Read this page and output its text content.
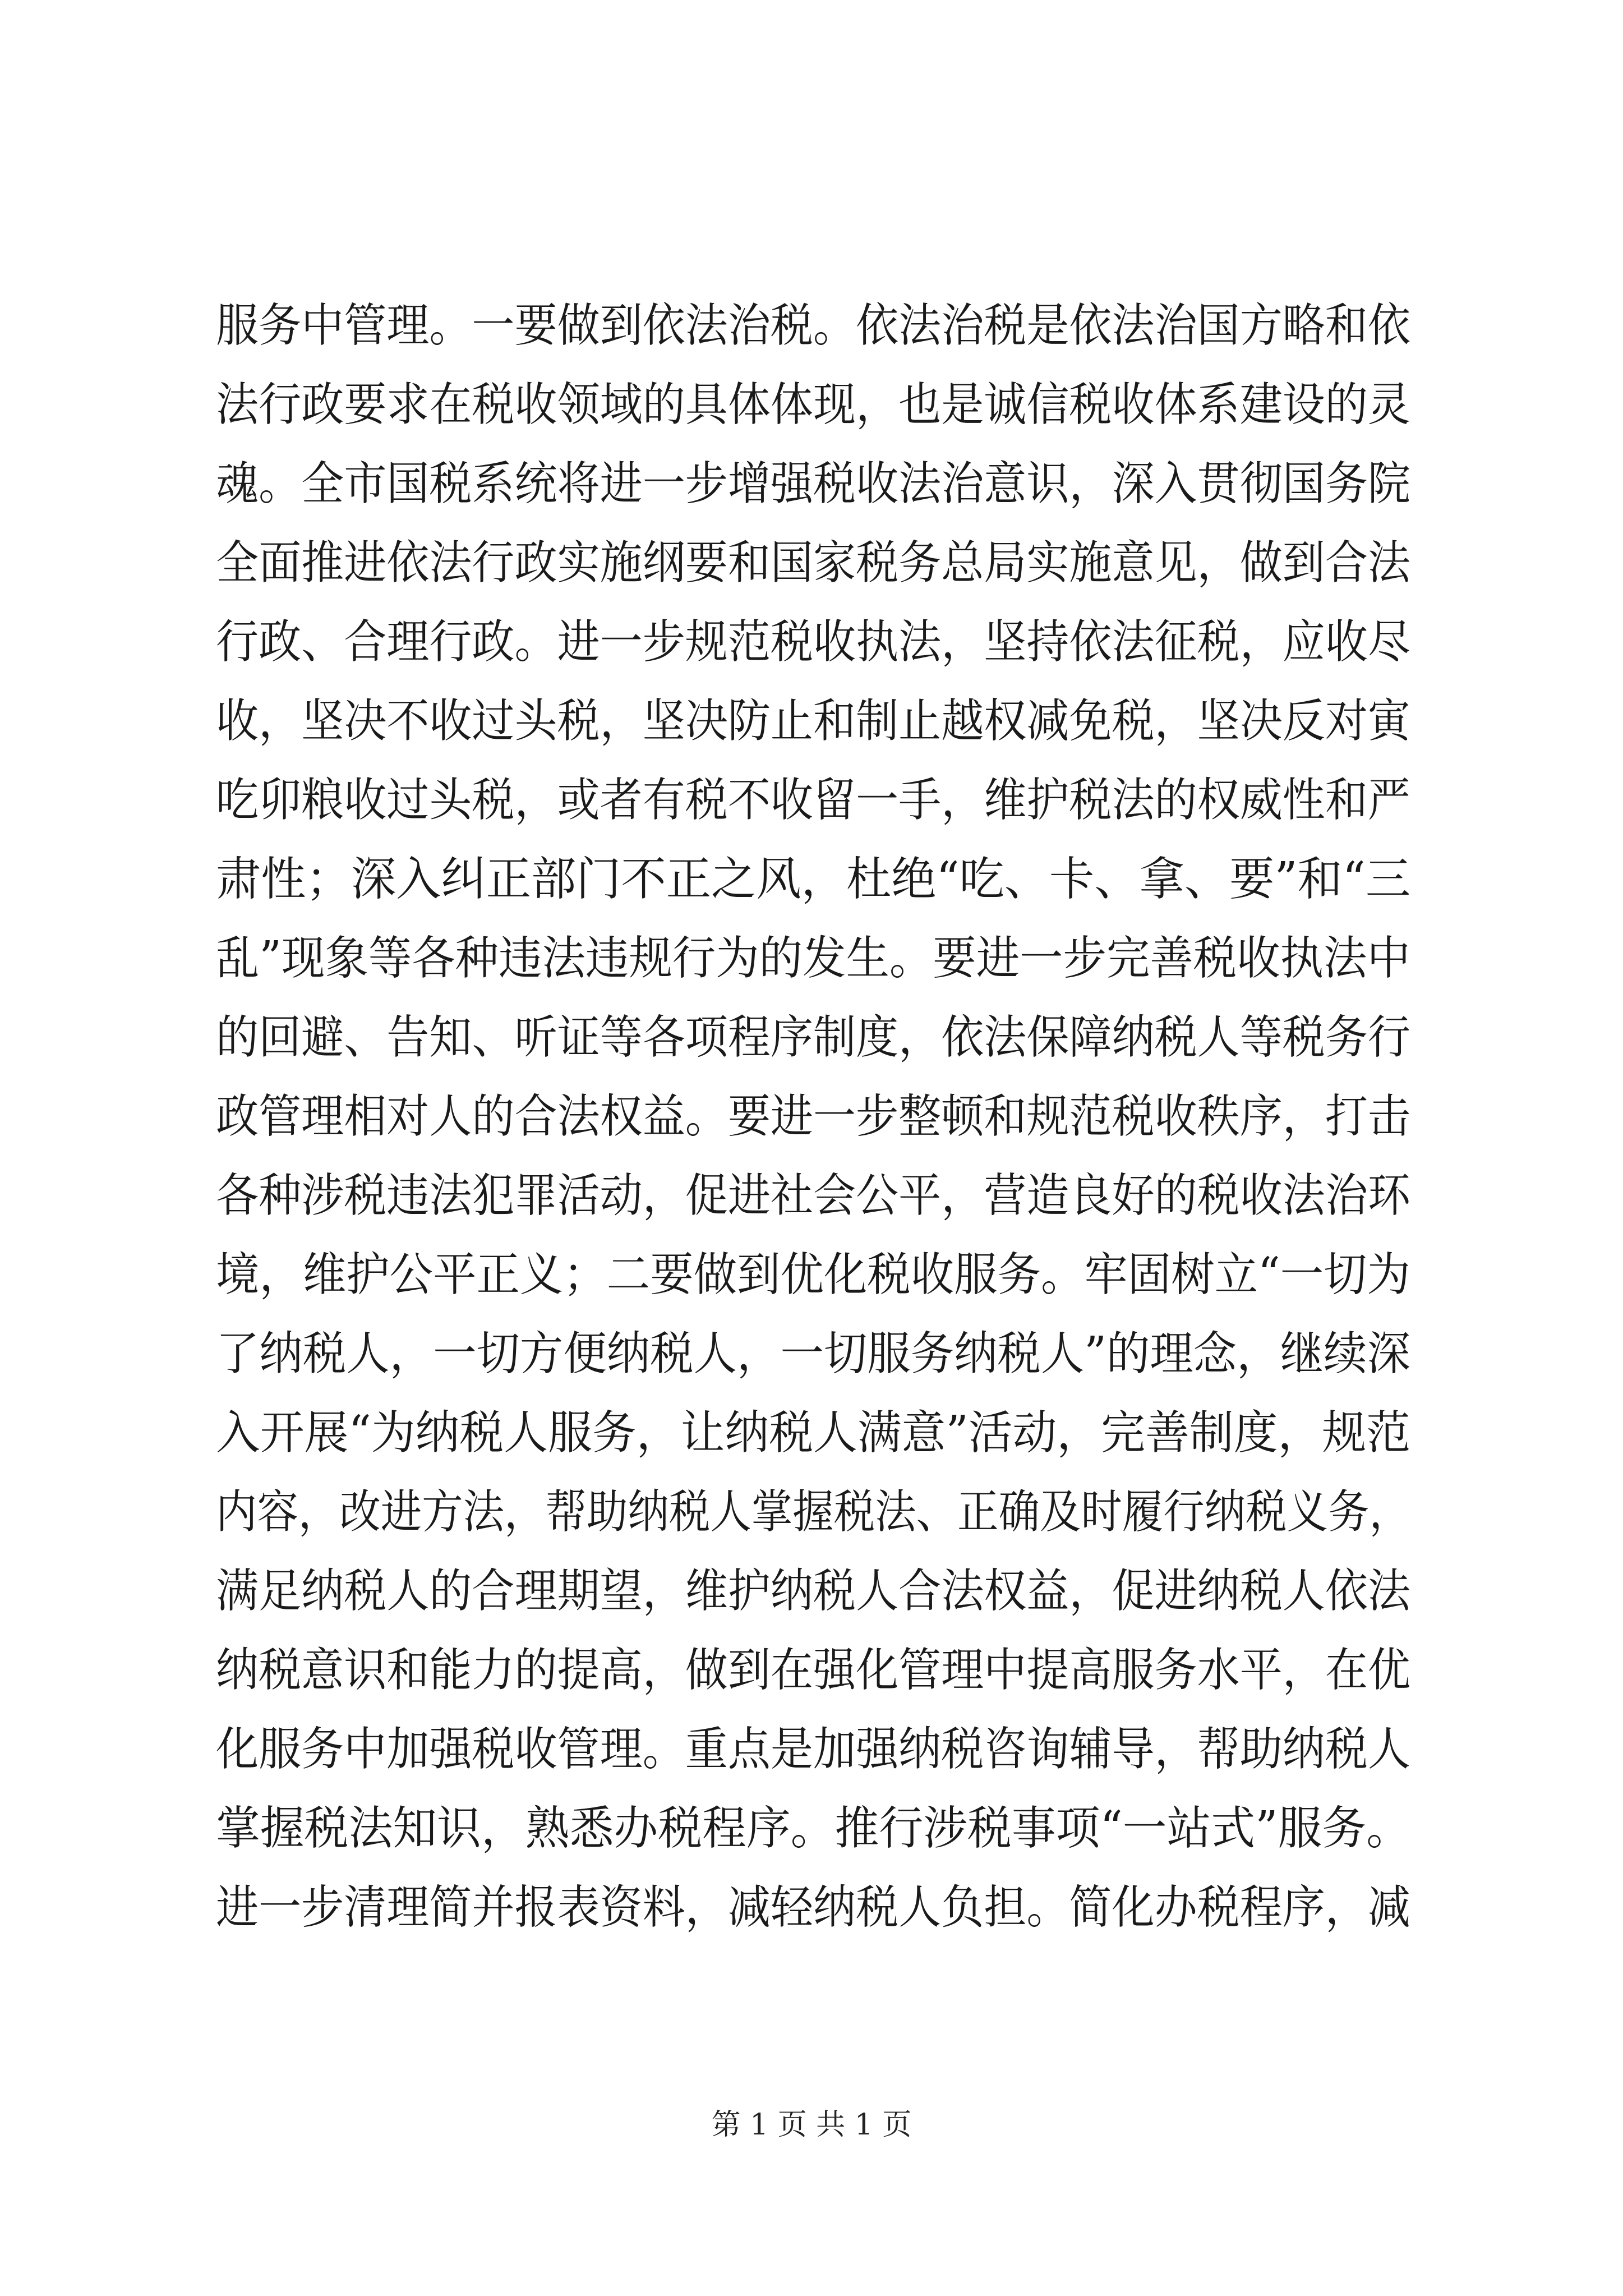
服务中管理。一要做到依法治税。依法治税是依法治国方略和依
法行政要求在税收领域的具体体现，也是诚信税收体系建设的灵
魂。全市国税系统将进一步增强税收法治意识，深入贯彻国务院
全面推进依法行政实施纲要和国家税务总局实施意见，做到合法
行政、合理行政。进一步规范税收执法，坚持依法征税，应收尽
收，坚决不收过头税，坚决防止和制止越权减免税，坚决反对寅
吃卯粮收过头税，或者有税不收留一手，维护税法的权威性和严
肃性；深入纠正部门不正之风，杜绝“吃、卡、拿、要”和“三
乱”现象等各种违法违规行为的发生。要进一步完善税收执法中
的回避、告知、听证等各项程序制度，依法保障纳税人等税务行
政管理相对人的合法权益。要进一步整顿和规范税收秩序，打击
各种涉税违法犯罪活动，促进社会公平，营造良好的税收法治环
境，维护公平正义；二要做到优化税收服务。牢固树立“一切为
了纳税人，一切方便纳税人，一切服务纳税人”的理念，继续深
入开展“为纳税人服务，让纳税人满意”活动，完善制度，规范
内容，改进方法，帮助纳税人掌握税法、正确及时履行纳税义务，
满足纳税人的合理期望，维护纳税人合法权益，促进纳税人依法
纳税意识和能力的提高，做到在强化管理中提高服务水平，在优
化服务中加强税收管理。重点是加强纳税咨询辅导，帮助纳税人
掌握税法知识，熟悉办税程序。推行涉税事项“一站式”服务。
进一步清理简并报表资料，减轻纳税人负担。简化办税程序，减
第 1 页 共 1 页
